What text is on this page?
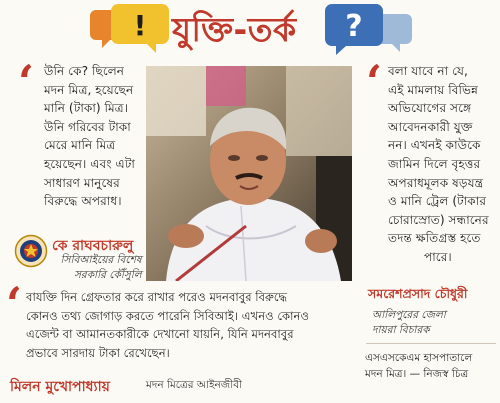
! যুক্তি-তর্ক ?
‘ উনি কে? ছিলেন
মদন মিত্র, হয়েছেন
মানি (টাকা) মিত্র।
উনি গরিবের টাকা
মেরে মানি মিত্র
হয়েছেন। এবং এটা
সাধারণ মানুষের
বিরুদ্ধে অপরাধ।
কে রাঘবচারুলু
সিবিআইয়ের বিশেষ
সরকারি কৌঁসুলি
‘ বলা যাবে না যে,
এই মামলায় বিভিন্ন
অভিযোগের সঙ্গে
আবেদনকারী যুক্ত
নন। এখনই কাউকে
জামিন দিলে বৃহত্তর
অপরাধমূলক ষড়যন্ত্র
ও মানি ট্রেল (টাকার
চোরাস্রোত) সন্ধানের
তদন্ত ক্ষতিগ্রস্ত হতে
পারে।
সমরেশপ্রসাদ চৌধুরী
আলিপুরের জেলা
দায়রা বিচারক
‘ বাযক্তি দিন গ্রেফতার করে রাখার পরেও মদনবাবুর বিরুদ্ধে
কোনও তথ্য জোগাড় করতে পারেনি সিবিআই। এখনও কোনও
এজেন্ট বা আমানতকারীকে দেখানো যায়নি, যিনি মদনবাবুর
প্রভাবে সারদায় টাকা রেখেছেন।
মিলন মুখোপাধ্যায়	মদন মিত্রের আইনজীবী
এসএসকেএম হাসপাতালে
মদন মিত্র। — নিজস্ব চিত্র
